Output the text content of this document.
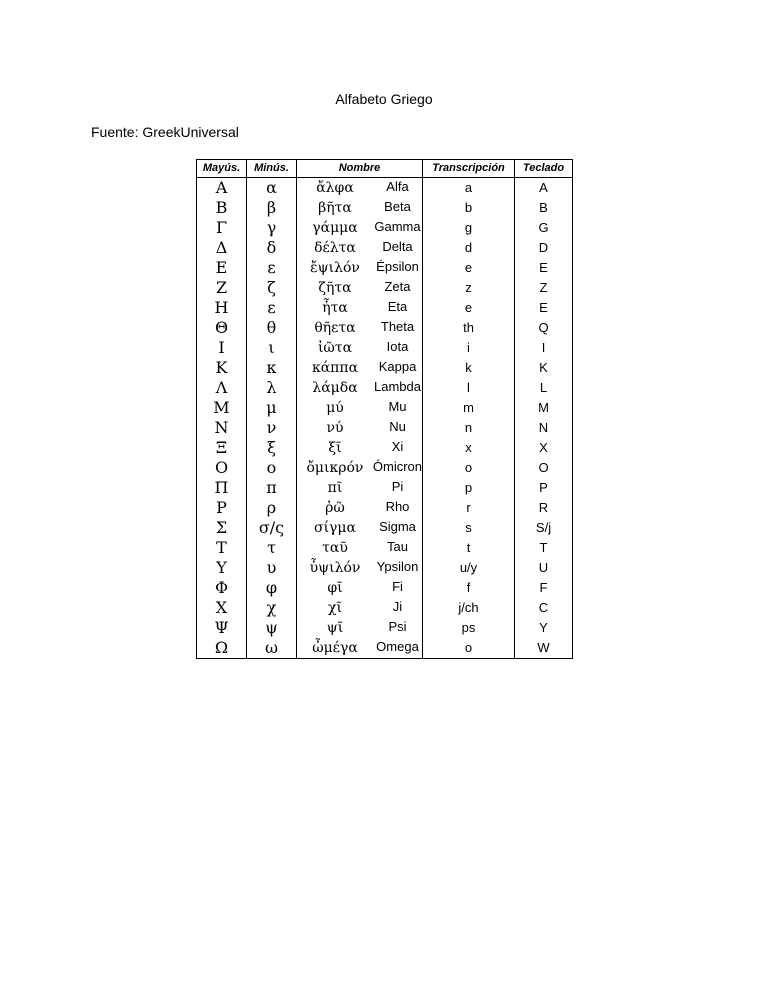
Alfabeto Griego
Fuente: GreekUniversal
Mayús.	Minús.	Nombre	Transcripción	Teclado
Α	α	ἄλφα Alfa	a	A
Β	β	βῆτα Beta	b	B
Γ	γ	γάμμα Gamma	g	G
Δ	δ	δέλτα Delta	d	D
Ε	ε	ἔψιλόν Épsilon	e	E
Ζ	ζ	ζῆτα Zeta	z	Z
Η	ε	ἦτα Eta	e	E
Θ	θ	θῆετα Theta	th	Q
Ι	ι	ἰῶτα Iota	i	I
Κ	κ	κάππα Kappa	k	K
Λ	λ	λάμδα Lambda	l	L
Μ	μ	μύ Mu	m	M
Ν	ν	νύ Nu	n	N
Ξ	ξ	ξῖ Xi	x	X
Ο	ο	ὄμικρόν Ómicron	o	O
Π	π	πῖ Pi	p	P
Ρ	ρ	ῥῶ Rho	r	R
Σ	σ/ς	σίγμα Sigma	s	S/j
Τ	τ	ταῦ Tau	t	T
Υ	υ	ὖψιλόν Ypsilon	u/y	U
Φ	φ	φῖ Fi	f	F
Χ	χ	χῖ Ji	j/ch	C
Ψ	ψ	ψῖ Psi	ps	Y
Ω	ω	ὦμέγα Omega	o	W
